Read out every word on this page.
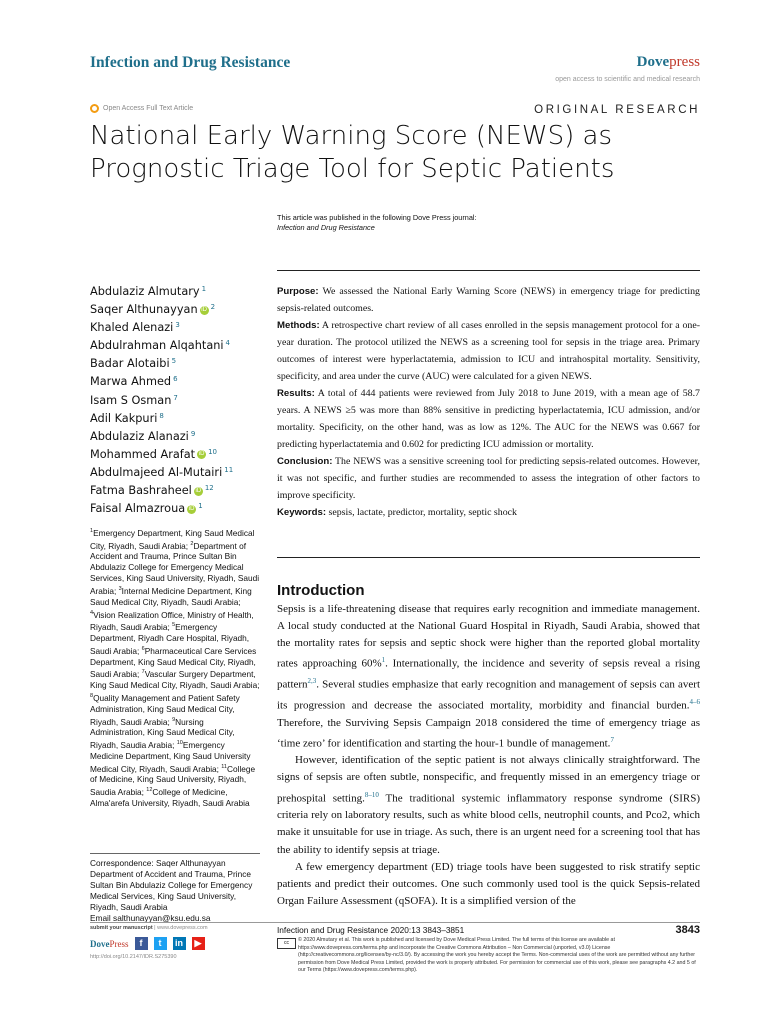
Infection and Drug Resistance	Dovepress
open access to scientific and medical research
Open Access Full Text Article	ORIGINAL RESEARCH
National Early Warning Score (NEWS) as Prognostic Triage Tool for Septic Patients
This article was published in the following Dove Press journal:
Infection and Drug Resistance
Abdulaziz Almutary $^1$
Saqer Althunayyan iD $^2$
Khaled Alenazi $^3$
Abdulrahman Alqahtani $^4$
Badar Alotaibi $^5$
Marwa Ahmed $^6$
Isam S Osman $^7$
Adil Kakpuri $^8$
Abdulaziz Alanazi $^9$
Mohammed Arafat iD $^{10}$
Abdulmajeed Al-Mutairi $^{11}$
Fatma Bashraheel iD $^{12}$
Faisal Almazroua iD $^1$
$^1$Emergency Department, King Saud Medical City, Riyadh, Saudi Arabia; $^2$Department of Accident and Trauma, Prince Sultan Bin Abdulaziz College for Emergency Medical Services, King Saud University, Riyadh, Saudi Arabia; $^3$Internal Medicine Department, King Saud Medical City, Riyadh, Saudi Arabia; $^4$Vision Realization Office, Ministry of Health, Riyadh, Saudi Arabia; $^5$Emergency Department, Riyadh Care Hospital, Riyadh, Saudi Arabia; $^6$Pharmaceutical Care Services Department, King Saud Medical City, Riyadh, Saudi Arabia; $^7$Vascular Surgery Department, King Saud Medical City, Riyadh, Saudi Arabia; $^8$Quality Management and Patient Safety Administration, King Saud Medical City, Riyadh, Saudi Arabia; $^9$Nursing Administration, King Saud Medical City, Riyadh, Saudia Arabia; $^{10}$Emergency Medicine Department, King Saud University Medical City, Riyadh, Saudi Arabia; $^{11}$College of Medicine, King Saud University, Riyadh, Saudia Arabia; $^{12}$College of Medicine, Alma'arefa University, Riyadh, Saudi Arabia
Correspondence: Saqer Althunayyan
Department of Accident and Trauma, Prince Sultan Bin Abdulaziz College for Emergency Medical Services, King Saud University, Riyadh, Saudi Arabia
Email salthunayyan@ksu.edu.sa

Purpose: We assessed the National Early Warning Score (NEWS) in emergency triage for predicting sepsis-related outcomes.

Methods: A retrospective chart review of all cases enrolled in the sepsis management protocol for a one-year duration. The protocol utilized the NEWS as a screening tool for sepsis in the triage area. Primary outcomes of interest were hyperlactatemia, admission to ICU and intrahospital mortality. Sensitivity, specificity, and area under the curve (AUC) were calculated for a given NEWS.

Results: A total of 444 patients were reviewed from July 2018 to June 2019, with a mean age of 58.7 years. A NEWS ≥5 was more than 88% sensitive in predicting hyperlactatemia, ICU admission, and/or mortality. Specificity, on the other hand, was as low as 12%. The AUC for the NEWS was 0.667 for predicting hyperlactatemia and 0.602 for predicting ICU admission or mortality.

Conclusion: The NEWS was a sensitive screening tool for predicting sepsis-related outcomes. However, it was not specific, and further studies are recommended to assess the integration of other factors to improve specificity.

Keywords: sepsis, lactate, predictor, mortality, septic shock

Introduction

Sepsis is a life-threatening disease that requires early recognition and immediate management. A local study conducted at the National Guard Hospital in Riyadh, Saudi Arabia, showed that the mortality rates for sepsis and septic shock were higher than the reported global mortality rates approaching 60%$^1$. Internationally, the incidence and severity of sepsis reveal a rising pattern$^{2,3}$. Several studies emphasize that early recognition and management of sepsis can avert its progression and decrease the associated mortality, morbidity and financial burden.$^{4-6}$ Therefore, the Surviving Sepsis Campaign 2018 considered the time of emergency triage as ‘time zero’ for identification and starting the hour-1 bundle of management.$^7$

However, identification of the septic patient is not always clinically straightforward. The signs of sepsis are often subtle, nonspecific, and frequently missed in an emergency triage or prehospital setting.$^{8-10}$ The traditional systemic inflammatory response syndrome (SIRS) criteria rely on laboratory results, such as white blood cells, neutrophil counts, and Pco2, which make it unsuitable for use in triage. As such, there is an urgent need for a screening tool that has the ability to identify sepsis at triage.

A few emergency department (ED) triage tools have been suggested to risk stratify septic patients and predict their outcomes. One such commonly used tool is the quick Sepsis-related Organ Failure Assessment (qSOFA). It is a simplified version of the

submit your manuscript | www.dovepress.com
DovePress	f	t	in	▶
http://doi.org/10.2147/IDR.S275390
Infection and Drug Resistance 2020:13 3843–3851	3843
cc	© 2020 Almutary et al. This work is published and licensed by Dove Medical Press Limited. The full terms of this license are available at https://www.dovepress.com/terms.php and incorporate the Creative Commons Attribution – Non Commercial (unported, v3.0) License (http://creativecommons.org/licenses/by-nc/3.0/). By accessing the work you hereby accept the Terms. Non-commercial uses of the work are permitted without any further permission from Dove Medical Press Limited, provided the work is properly attributed. For permission for commercial use of this work, please see paragraphs 4.2 and 5 of our Terms (https://www.dovepress.com/terms.php).
